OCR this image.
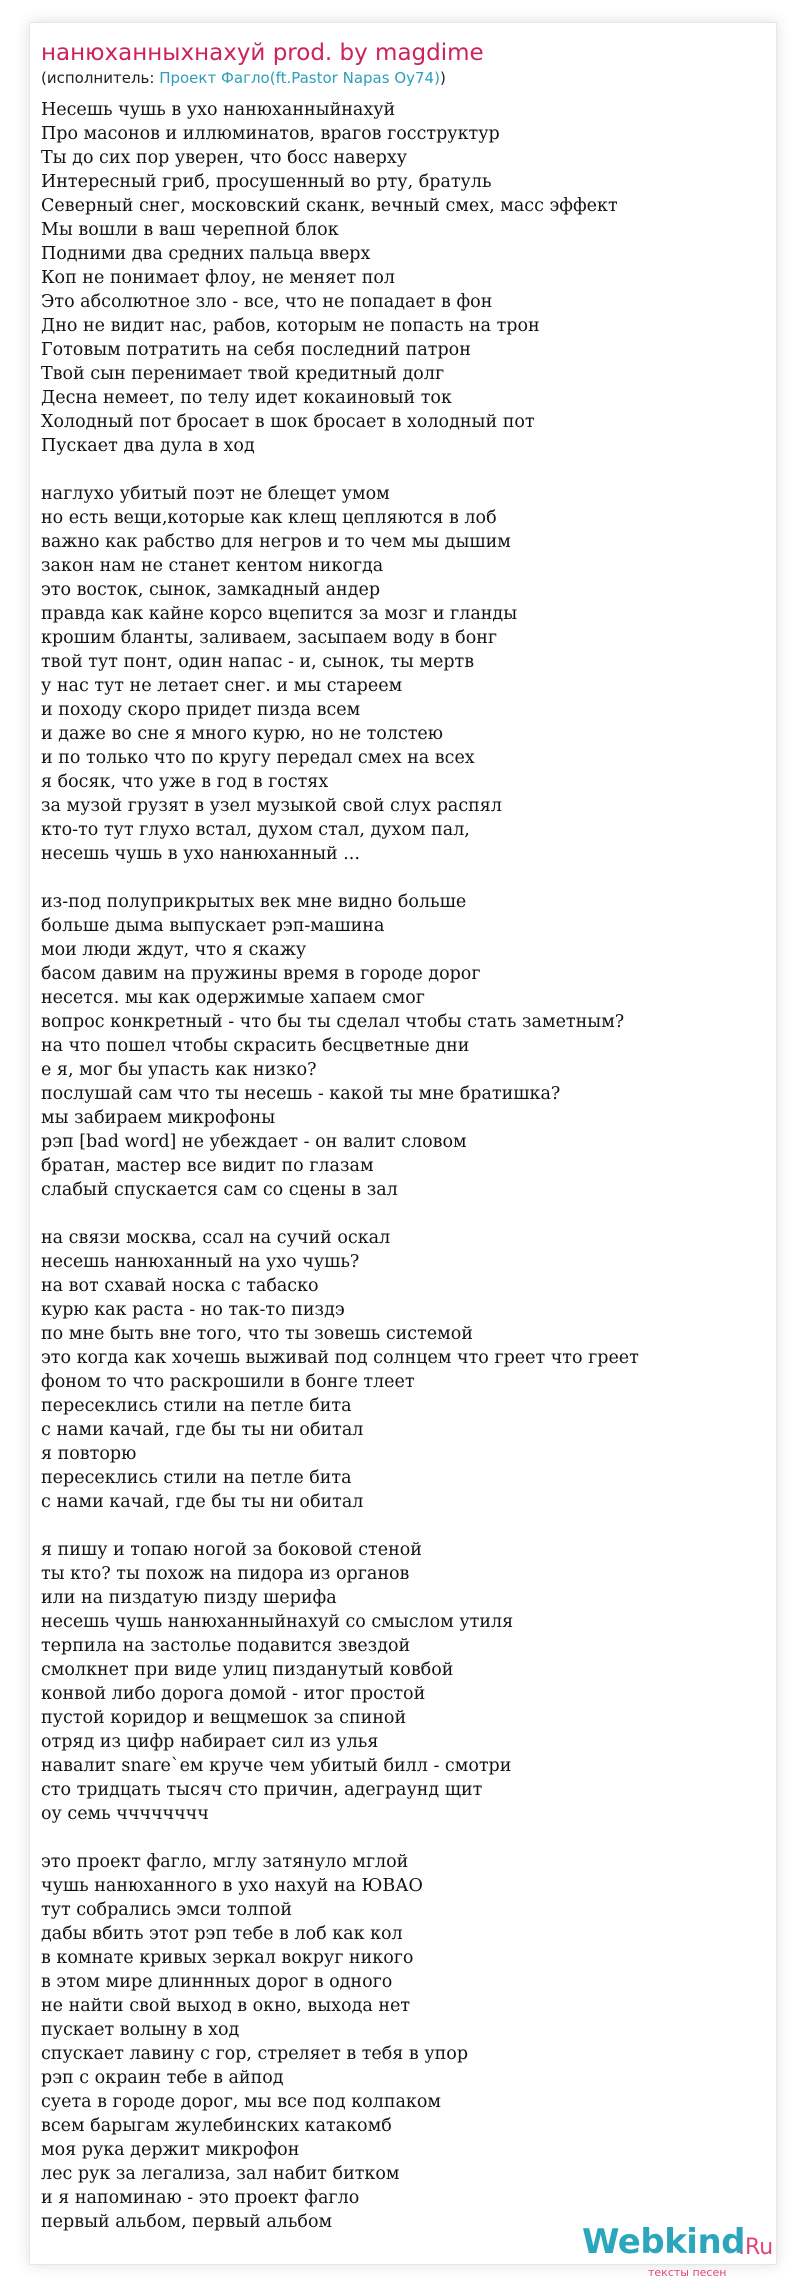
нанюханныхнахуй prod. by magdime
(исполнитель: Проект Фагло(ft.Pastor Napas Oy74))
Несешь чушь в ухо нанюханныйнахуй
Про масонов и иллюминатов, врагов госструктур
Ты до сих пор уверен, что босс наверху
Интересный гриб, просушенный во рту, братуль
Северный снег, московский сканк, вечный смех, масс эффект
Мы вошли в ваш черепной блок
Подними два средних пальца вверх
Коп не понимает флоу, не меняет пол
Это абсолютное зло - все, что не попадает в фон
Дно не видит нас, рабов, которым не попасть на трон
Готовым потратить на себя последний патрон
Твой сын перенимает твой кредитный долг
Десна немеет, по телу идет кокаиновый ток
Холодный пот бросает в шок бросает в холодный пот
Пускает два дула в ход
наглухо убитый поэт не блещет умом
но есть вещи,которые как клещ цепляются в лоб
важно как рабство для негров и то чем мы дышим
закон нам не станет кентом никогда
это восток, сынок, замкадный андер
правда как кайне корсо вцепится за мозг и гланды
крошим бланты, заливаем, засыпаем воду в бонг
твой тут понт, один напас - и, сынок, ты мертв
у нас тут не летает снег. и мы стареем
и походу скоро придет пизда всем
и даже во сне я много курю, но не толстею
и по только что по кругу передал смех на всех
я босяк, что уже в год в гостях
за музой грузят в узел музыкой свой слух распял
кто-то тут глухо встал, духом стал, духом пал,
несешь чушь в ухо нанюханный ...
из-под полуприкрытых век мне видно больше
больше дыма выпускает рэп-машина
мои люди ждут, что я скажу
басом давим на пружины время в городе дорог
несется. мы как одержимые хапаем смог
вопрос конкретный - что бы ты сделал чтобы стать заметным?
на что пошел чтобы скрасить бесцветные дни
е я, мог бы упасть как низко?
послушай сам что ты несешь - какой ты мне братишка?
мы забираем микрофоны
рэп [bad word] не убеждает - он валит словом
братан, мастер все видит по глазам
слабый спускается сам со сцены в зал
на связи москва, ссал на сучий оскал
несешь нанюханный на ухо чушь?
на вот схавай носка с табаско
курю как раста - но так-то пиздэ
по мне быть вне того, что ты зовешь системой
это когда как хочешь выживай под солнцем что греет что греет
фоном то что раскрошили в бонге тлеет
пересеклись стили на петле бита
с нами качай, где бы ты ни обитал
я повторю
пересеклись стили на петле бита
с нами качай, где бы ты ни обитал
я пишу и топаю ногой за боковой стеной
ты кто? ты похож на пидора из органов
или на пиздатую пизду шерифа
несешь чушь нанюханныйнахуй со смыслом утиля
терпила на застолье подавится звездой
смолкнет при виде улиц пизданутый ковбой
конвой либо дорога домой - итог простой
пустой коридор и вещмешок за спиной
отряд из цифр набирает сил из улья
навалит snare`ем круче чем убитый билл - смотри
сто тридцать тысяч сто причин, адеграунд щит
оу семь чччччччч
это проект фагло, мглу затянуло мглой
чушь нанюханного в ухо нахуй на ЮВАО
тут собрались эмси толпой
дабы вбить этот рэп тебе в лоб как кол
в комнате кривых зеркал вокруг никого
в этом мире длиннных дорог в одного
не найти свой выход в окно, выхода нет
пускает волыну в ход
спускает лавину с гор, стреляет в тебя в упор
рэп с окраин тебе в айпод
суета в городе дорог, мы все под колпаком
всем барыгам жулебинских катакомб
моя рука держит микрофон
лес рук за легализа, зал набит битком
и я напоминаю - это проект фагло
первый альбом, первый альбом	Webkind
.Ru
тексты песен
